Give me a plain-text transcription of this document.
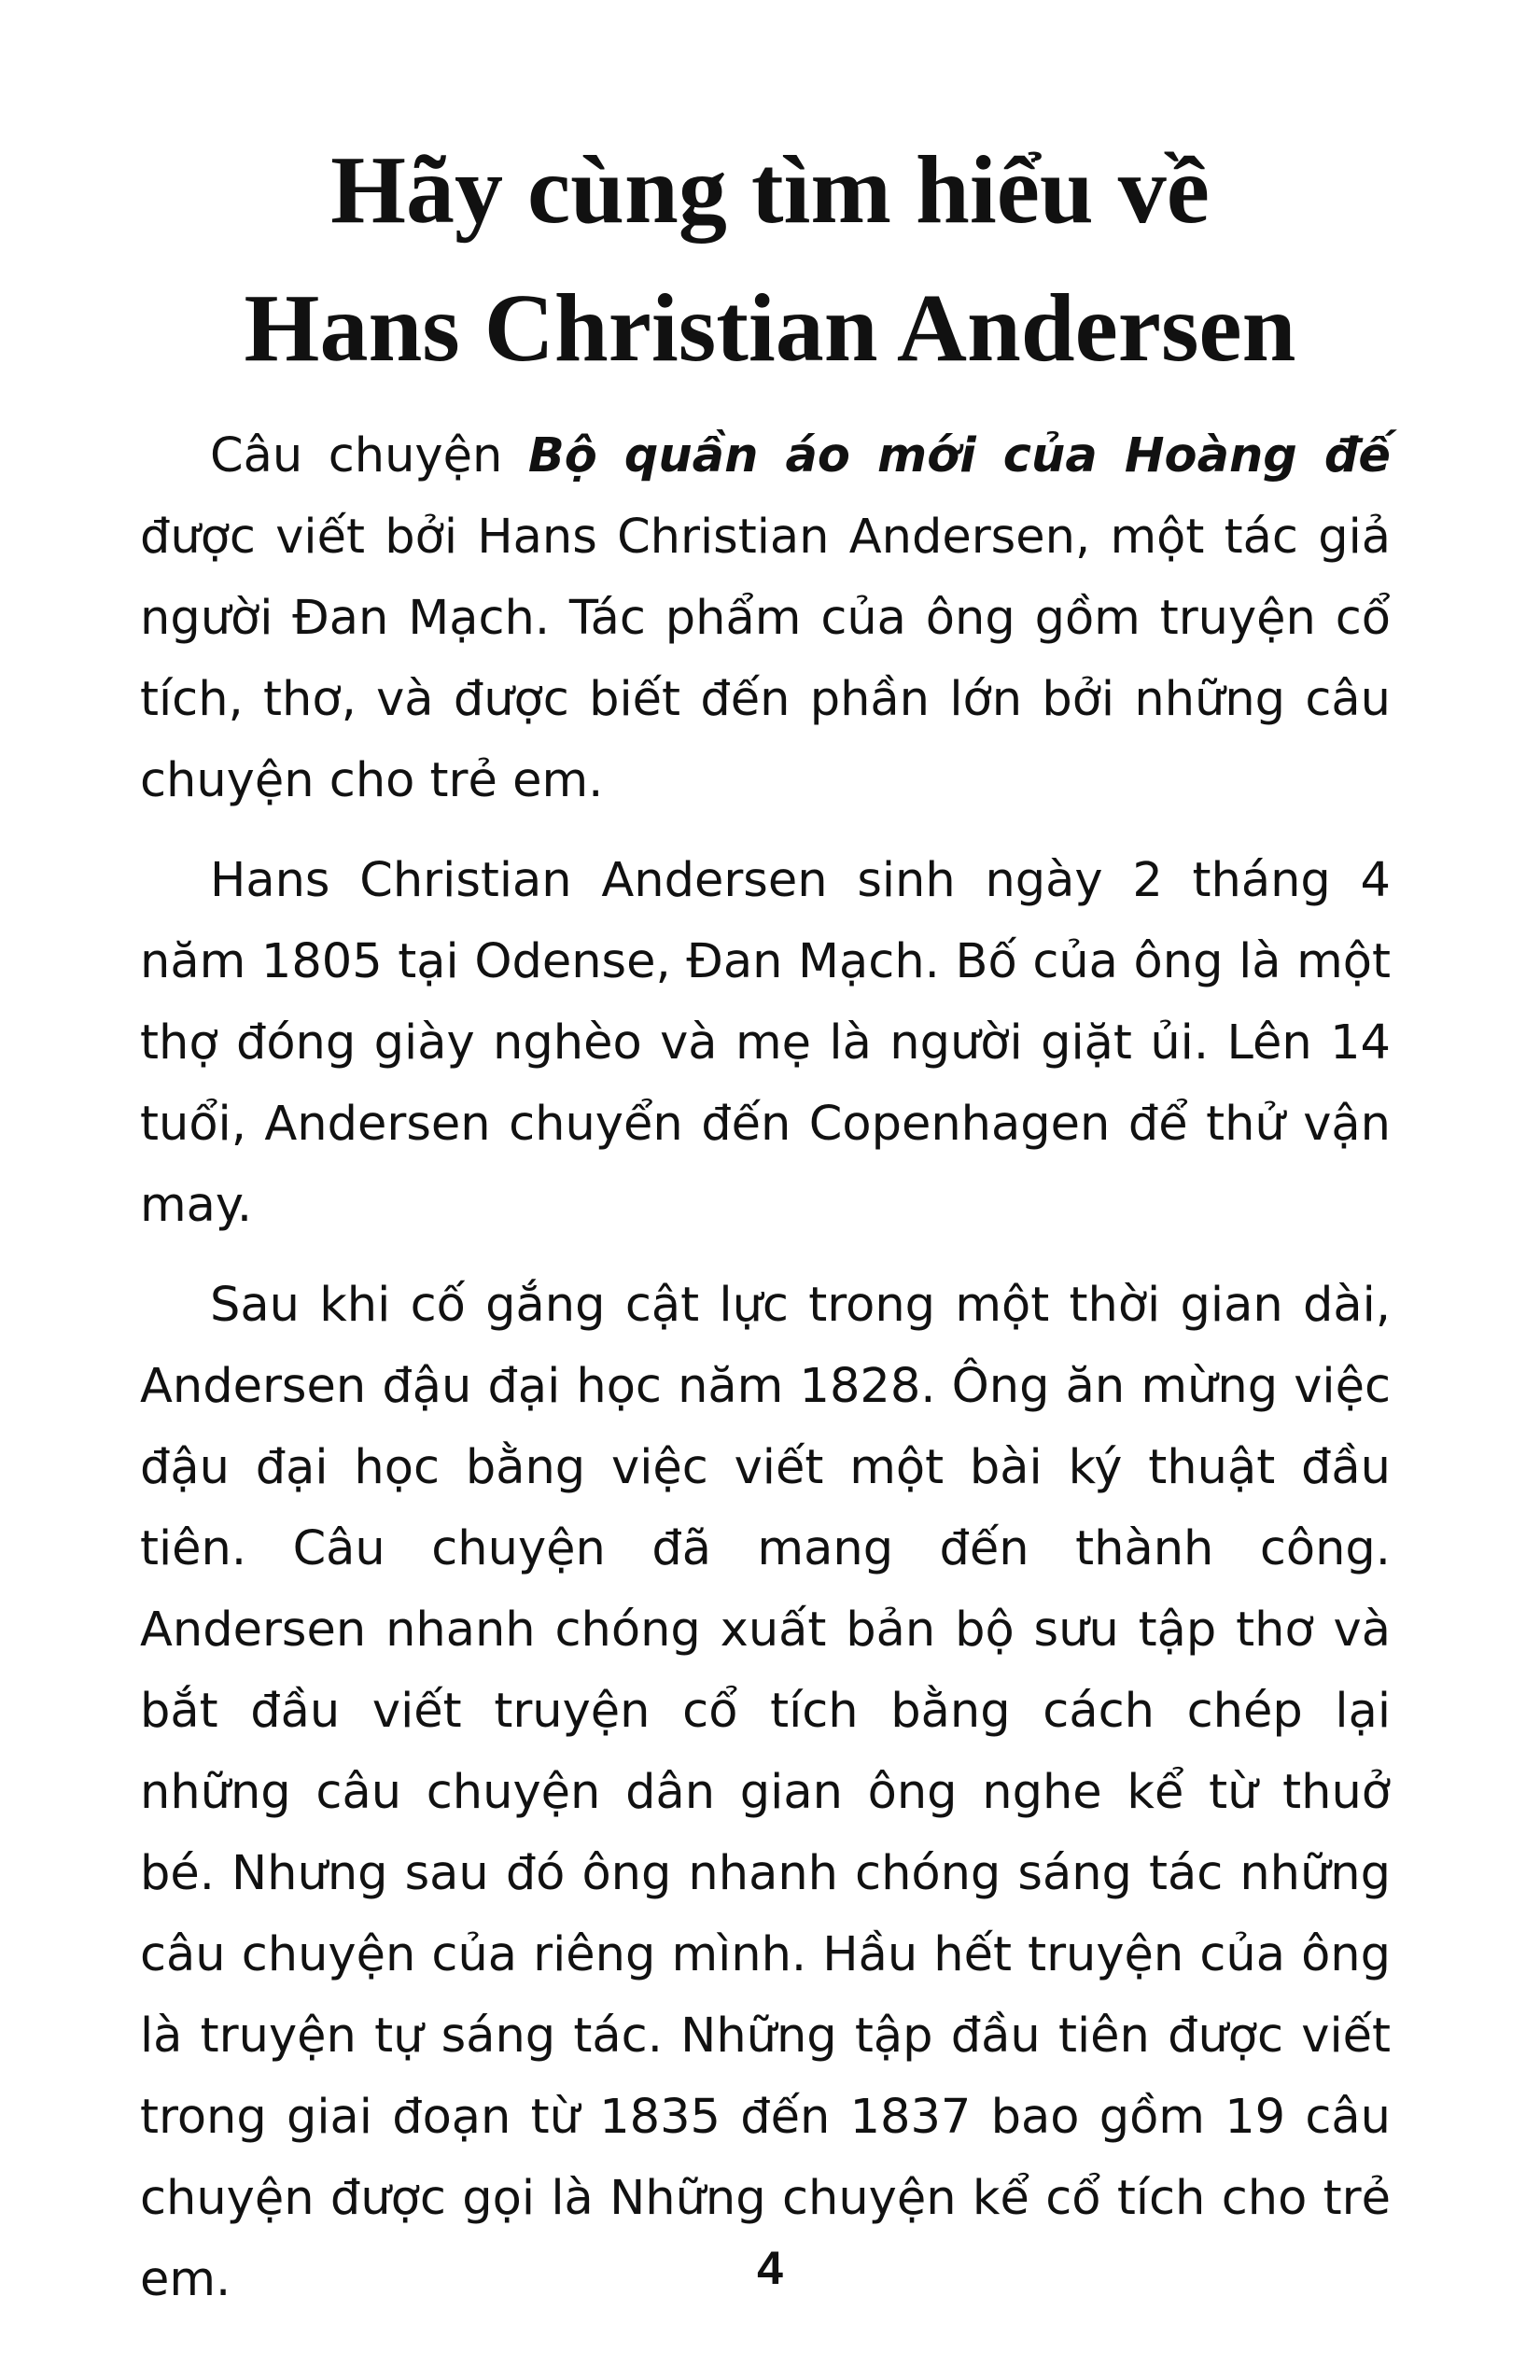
Hãy cùng tìm hiểu về
Hans Christian Andersen

Câu chuyện Bộ quần áo mới của Hoàng đế được viết bởi Hans Christian Andersen, một tác giả người Đan Mạch. Tác phẩm của ông gồm truyện cổ tích, thơ, và được biết đến phần lớn bởi những câu chuyện cho trẻ em.

Hans Christian Andersen sinh ngày 2 tháng 4 năm 1805 tại Odense, Đan Mạch. Bố của ông là một thợ đóng giày nghèo và mẹ là người giặt ủi. Lên 14 tuổi, Andersen chuyển đến Copenhagen để thử vận may.

Sau khi cố gắng cật lực trong một thời gian dài, Andersen đậu đại học năm 1828. Ông ăn mừng việc đậu đại học bằng việc viết một bài ký thuật đầu tiên. Câu chuyện đã mang đến thành công. Andersen nhanh chóng xuất bản bộ sưu tập thơ và bắt đầu viết truyện cổ tích bằng cách chép lại những câu chuyện dân gian ông nghe kể từ thuở bé. Nhưng sau đó ông nhanh chóng sáng tác những câu chuyện của riêng mình. Hầu hết truyện của ông là truyện tự sáng tác. Những tập đầu tiên được viết trong giai đoạn từ 1835 đến 1837 bao gồm 19 câu chuyện được gọi là Những chuyện kể cổ tích cho trẻ em.	4
